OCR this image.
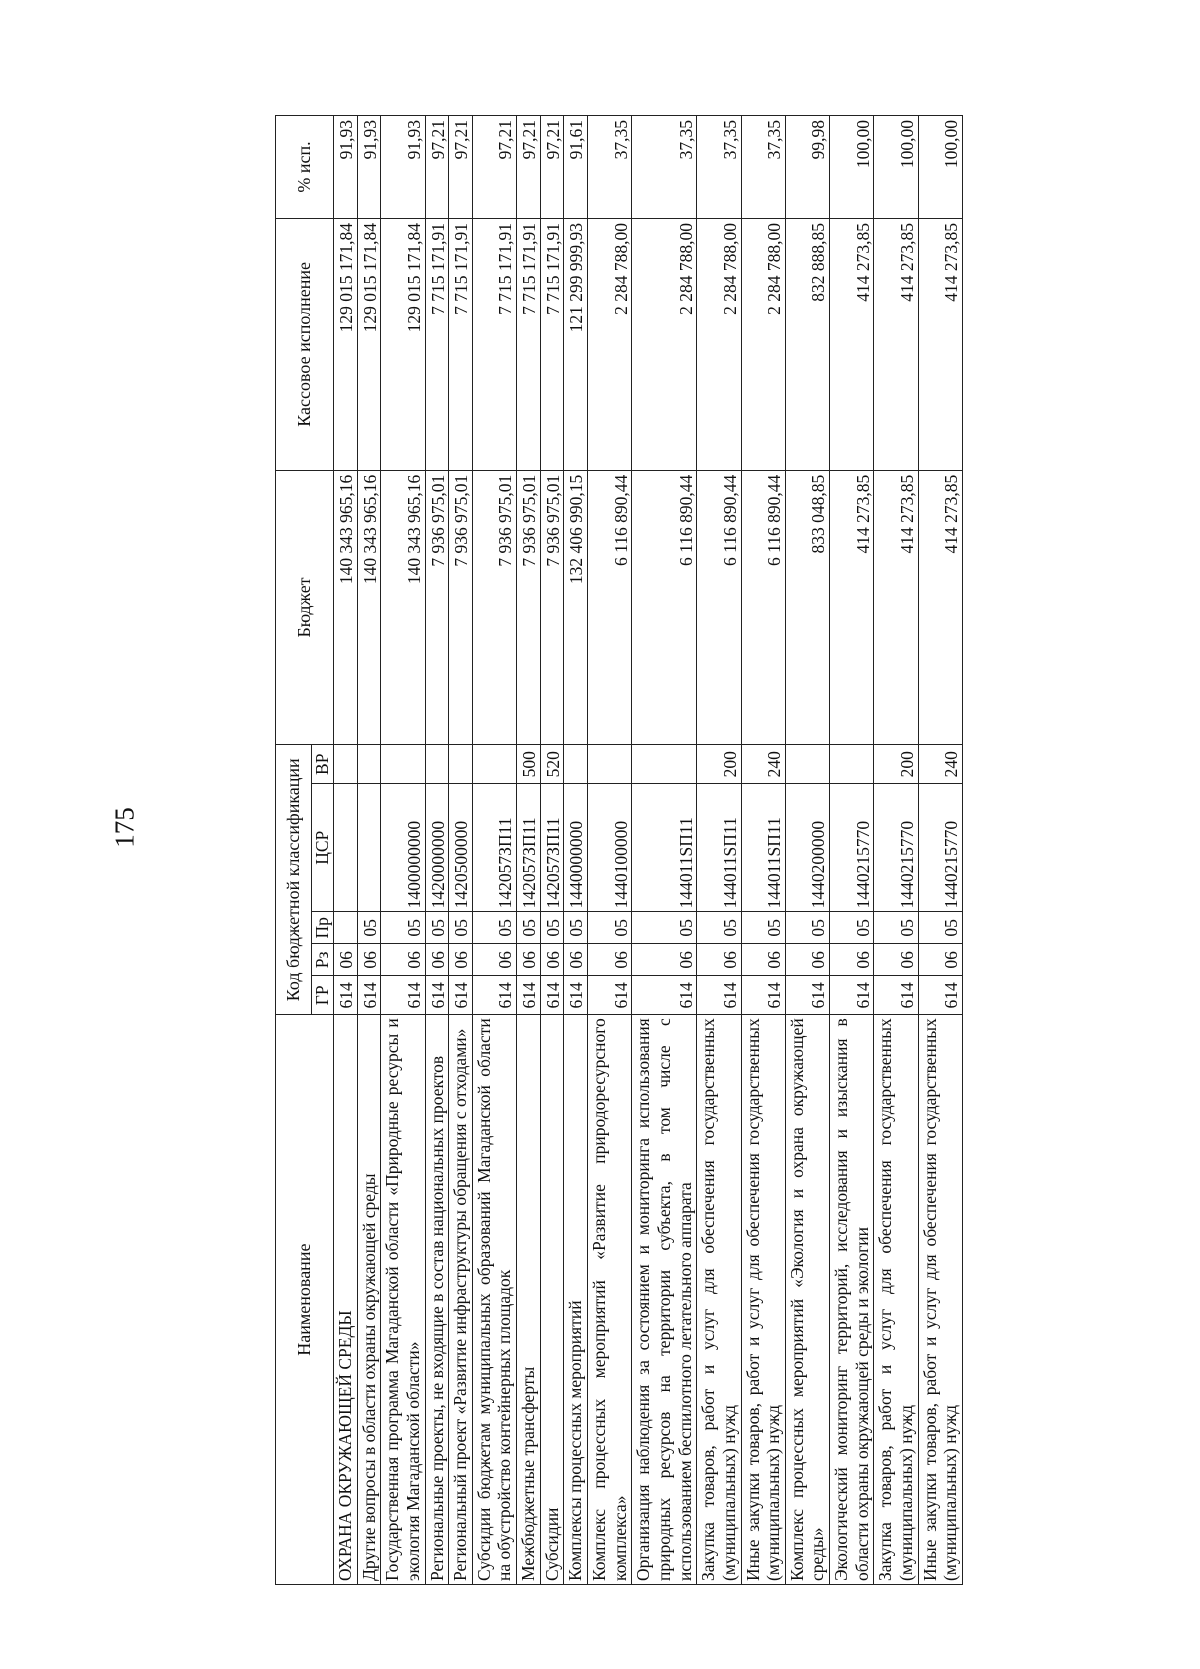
175
Наименование	Код бюджетной классификации					Бюджет	Кассовое исполнение	% исп.
	ГР	Рз	Пр	ЦСР	ВР			
ОХРАНА ОКРУЖАЮЩЕЙ СРЕДЫ	614	06				140 343 965,16	129 015 171,84	91,93
Другие вопросы в области охраны окружающей среды	614	06	05			140 343 965,16	129 015 171,84	91,93
Государственная программа Магаданской области «Природные ресурсы и экология Магаданской области»	614	06	05	1400000000		140 343 965,16	129 015 171,84	91,93
Региональные проекты, не входящие в состав национальных проектов	614	06	05	1420000000		7 936 975,01	7 715 171,91	97,21
Региональный проект «Развитие инфраструктуры обращения с отходами»	614	06	05	1420500000		7 936 975,01	7 715 171,91	97,21
Субсидии бюджетам муниципальных образований Магаданской области на обустройство контейнерных площадок	614	06	05	142057ЗП11		7 936 975,01	7 715 171,91	97,21
Межбюджетные трансферты	614	06	05	142057ЗП11	500	7 936 975,01	7 715 171,91	97,21
Субсидии	614	06	05	142057ЗП11	520	7 936 975,01	7 715 171,91	97,21
Комплексы процессных мероприятий	614	06	05	1440000000		132 406 990,15	121 299 999,93	91,61
Комплекс процессных мероприятий «Развитие природоресурсного комплекса»	614	06	05	1440100000		6 116 890,44	2 284 788,00	37,35
Организация наблюдения за состоянием и мониторинга использования природных ресурсов на территории субъекта, в том числе с использованием беспилотного летательного аппарата	614	06	05	144011ЅП11		6 116 890,44	2 284 788,00	37,35
Закупка товаров, работ и услуг для обеспечения государственных (муниципальных) нужд	614	06	05	144011ЅП11	200	6 116 890,44	2 284 788,00	37,35
Иные закупки товаров, работ и услуг для обеспечения государственных (муниципальных) нужд	614	06	05	144011ЅП11	240	6 116 890,44	2 284 788,00	37,35
Комплекс процессных мероприятий «Экология и охрана окружающей среды»	614	06	05	1440200000		833 048,85	832 888,85	99,98
Экологический мониторинг территорий, исследования и изыскания в области охраны окружающей среды и экологии	614	06	05	1440215770		414 273,85	414 273,85	100,00
Закупка товаров, работ и услуг для обеспечения государственных (муниципальных) нужд	614	06	05	1440215770	200	414 273,85	414 273,85	100,00
Иные закупки товаров, работ и услуг для обеспечения государственных (муниципальных) нужд	614	06	05	1440215770	240	414 273,85	414 273,85	100,00
